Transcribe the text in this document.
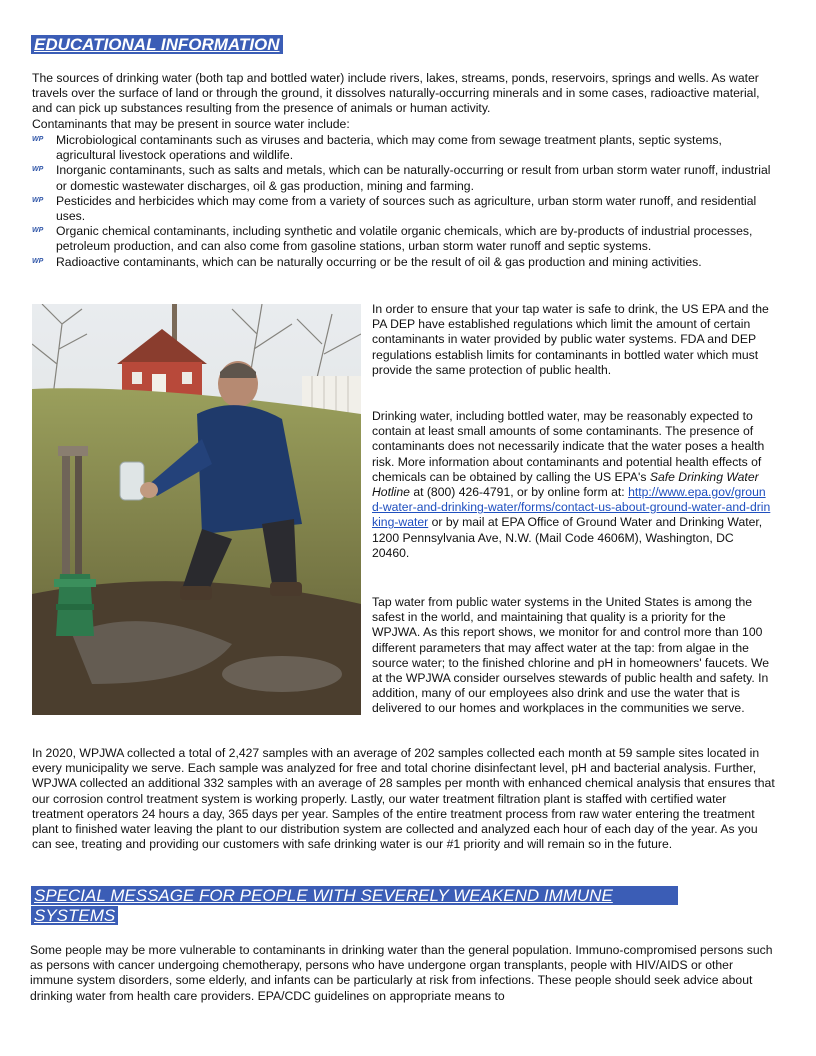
EDUCATIONAL INFORMATION

The sources of drinking water (both tap and bottled water) include rivers, lakes, streams, ponds, reservoirs, springs and wells. As water travels over the surface of land or through the ground, it dissolves naturally-occurring minerals and in some cases, radioactive material, and can pick up substances resulting from the presence of animals or human activity.

Contaminants that may be present in source water include:

WP Microbiological contaminants such as viruses and bacteria, which may come from sewage treatment plants, septic systems, agricultural livestock operations and wildlife.
WP Inorganic contaminants, such as salts and metals, which can be naturally-occurring or result from urban storm water runoff, industrial or domestic wastewater discharges, oil & gas production, mining and farming.
WP Pesticides and herbicides which may come from a variety of sources such as agriculture, urban storm water runoff, and residential uses.
WP Organic chemical contaminants, including synthetic and volatile organic chemicals, which are by-products of industrial processes, petroleum production, and can also come from gasoline stations, urban storm water runoff and septic systems.
WP Radioactive contaminants, which can be naturally occurring or be the result of oil & gas production and mining activities.

In order to ensure that your tap water is safe to drink, the US EPA and the PA DEP have established regulations which limit the amount of certain contaminants in water provided by public water systems. FDA and DEP regulations establish limits for contaminants in bottled water which must provide the same protection of public health.

Drinking water, including bottled water, may be reasonably expected to contain at least small amounts of some contaminants. The presence of contaminants does not necessarily indicate that the water poses a health risk. More information about contaminants and potential health effects of chemicals can be obtained by calling the US EPA's Safe Drinking Water Hotline at (800) 426-4791, or by online form at: http://www.epa.gov/ground-water-and-drinking-water/forms/contact-us-about-ground-water-and-drinking-water or by mail at EPA Office of Ground Water and Drinking Water, 1200 Pennsylvania Ave, N.W. (Mail Code 4606M), Washington, DC 20460.

Tap water from public water systems in the United States is among the safest in the world, and maintaining that quality is a priority for the WPJWA. As this report shows, we monitor for and control more than 100 different parameters that may affect water at the tap: from algae in the source water; to the finished chlorine and pH in homeowners' faucets. We at the WPJWA consider ourselves stewards of public health and safety. In addition, many of our employees also drink and use the water that is delivered to our homes and workplaces in the communities we serve.

In 2020, WPJWA collected a total of 2,427 samples with an average of 202 samples collected each month at 59 sample sites located in every municipality we serve. Each sample was analyzed for free and total chorine disinfectant level, pH and bacterial analysis. Further, WPJWA collected an additional 332 samples with an average of 28 samples per month with enhanced chemical analysis that ensures that our corrosion control treatment system is working properly. Lastly, our water treatment filtration plant is staffed with certified water treatment operators 24 hours a day, 365 days per year. Samples of the entire treatment process from raw water entering the treatment plant to finished water leaving the plant to our distribution system are collected and analyzed each hour of each day of the year. As you can see, treating and providing our customers with safe drinking water is our #1 priority and will remain so in the future.

SPECIAL MESSAGE FOR PEOPLE WITH SEVERELY WEAKEND IMMUNE
SYSTEMS

Some people may be more vulnerable to contaminants in drinking water than the general population. Immuno-compromised persons such as persons with cancer undergoing chemotherapy, persons who have undergone organ transplants, people with HIV/AIDS or other immune system disorders, some elderly, and infants can be particularly at risk from infections. These people should seek advice about drinking water from health care providers. EPA/CDC guidelines on appropriate means to
